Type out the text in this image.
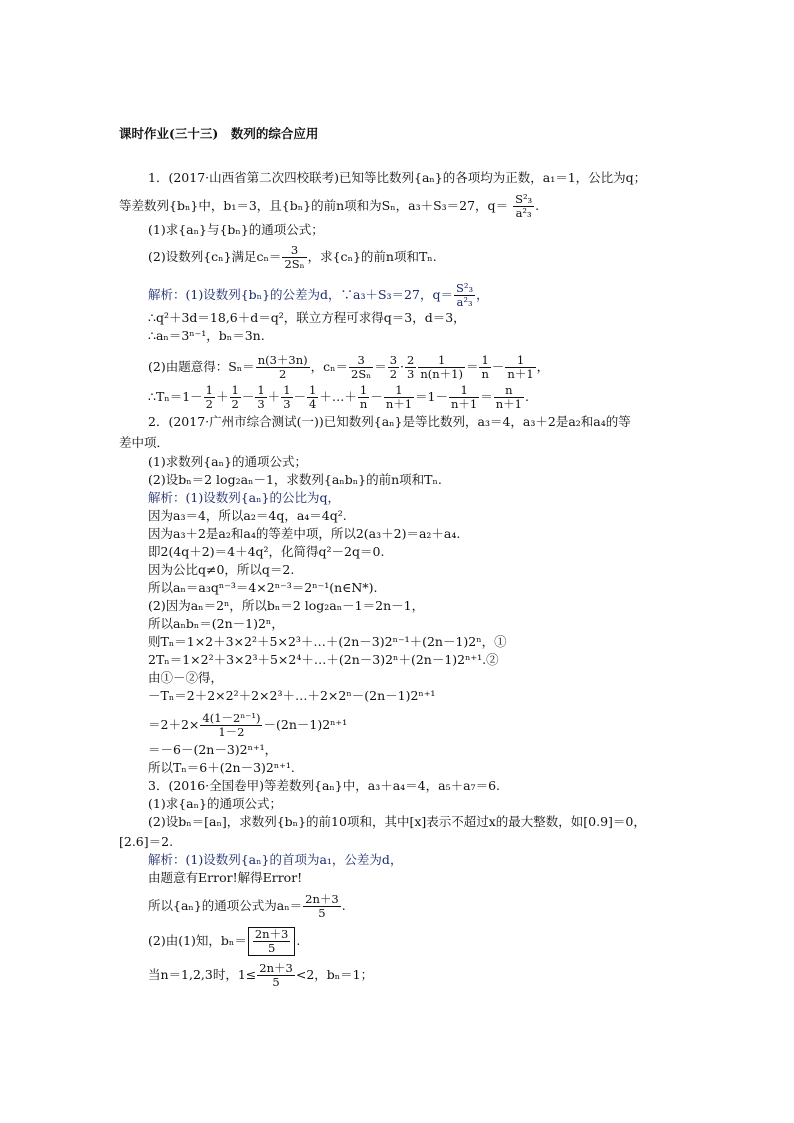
课时作业(三十三)　数列的综合应用
1．(2017·山西省第二次四校联考)已知等比数列{aₙ}的各项均为正数，a₁＝1，公比为q；
等差数列{bₙ}中，b₁＝3，且{bₙ}的前n项和为Sₙ，a₃＋S₃＝27，$q= \frac{\text{S²₃}}{\text{a²₃}}$ .
(1)求{aₙ}与{bₙ}的通项公式；
(2)设数列{cₙ}满足$c_n= \frac{3}{\text{2Sₙ}}$ ，求{cₙ}的前n项和Tₙ.
解析：(1)设数列{bₙ}的公差为d，∵a₃＋S₃＝27，$q= \frac{\text{S²₃}}{\text{a²₃}}$ ，
∴q²＋3d＝18,6＋d＝q²，联立方程可求得q＝3，d＝3，
∴aₙ＝3ⁿ⁻¹，bₙ＝3n.
(2)由题意得：$S_n= \frac{n(3+3n)}{2}$ ，$c_n= \frac{3}{\text{2Sₙ}} = \frac{3}{2} \cdot \frac{2}{3} \frac{1}{n(n+1)} = \frac{1}{n} - \frac{1}{n+1}$ ，
∴Tₙ＝1－ $\frac{1}{2} + \frac{1}{2} - \frac{1}{3} + \frac{1}{3} - \frac{1}{4}$ ＋…＋ $\frac{1}{n} - \frac{1}{n+1} =1- \frac{1}{n+1} = \frac{n}{n+1}$ .
2．(2017·广州市综合测试(一))已知数列{aₙ}是等比数列，a₃＝4，a₃＋2是a₂和a₄的等
差中项．
(1)求数列{aₙ}的通项公式；
(2)设bₙ＝2 log₂aₙ－1，求数列{aₙbₙ}的前n项和Tₙ.
解析：(1)设数列{aₙ}的公比为q，
因为a₃＝4，所以a₂＝4q，a₄＝4q².
因为a₃＋2是a₂和a₄的等差中项，所以2(a₃＋2)＝a₂＋a₄.
即2(4q＋2)＝4＋4q²，化简得q²－2q＝0.
因为公比q≠0，所以q＝2.
所以aₙ＝a₃qⁿ⁻³＝4×2ⁿ⁻³＝2ⁿ⁻¹(n∈N*).
(2)因为aₙ＝2ⁿ，所以bₙ＝2 log₂aₙ－1＝2n－1，
所以aₙbₙ＝(2n－1)2ⁿ，
则Tₙ＝1×2＋3×2²＋5×2³＋…＋(2n－3)2ⁿ⁻¹＋(2n－1)2ⁿ，①
2Tₙ＝1×2²＋3×2³＋5×2⁴＋…＋(2n－3)2ⁿ＋(2n－1)2ⁿ⁺¹.②
由①－②得，
－Tₙ＝2＋2×2²＋2×2³＋…＋2×2ⁿ－(2n－1)2ⁿ⁺¹
$=2+2\times \frac{\text{4(1－2ⁿ⁻¹)}}{1-2} -(2n-1)2^{n+1}$
＝－6－(2n－3)2ⁿ⁺¹，
所以Tₙ＝6＋(2n－3)2ⁿ⁺¹.
3．(2016·全国卷甲)等差数列{aₙ}中，a₃＋a₄＝4，a₅＋a₇＝6.
(1)求{aₙ}的通项公式；
(2)设bₙ＝[aₙ]，求数列{bₙ}的前10项和，其中[x]表示不超过x的最大整数，如[0.9]＝0，
[2.6]＝2.
解析：(1)设数列{aₙ}的首项为a₁，公差为d，
由题意有Error!解得Error!
所以{aₙ}的通项公式为$a_n= \frac{2n+3}{5}$ .
(2)由(1)知，$b_n= \frac{2n+3}{5}$ .
当n＝1,2,3时，$1\le \frac{2n+3}{5} <2$，bₙ＝1；
